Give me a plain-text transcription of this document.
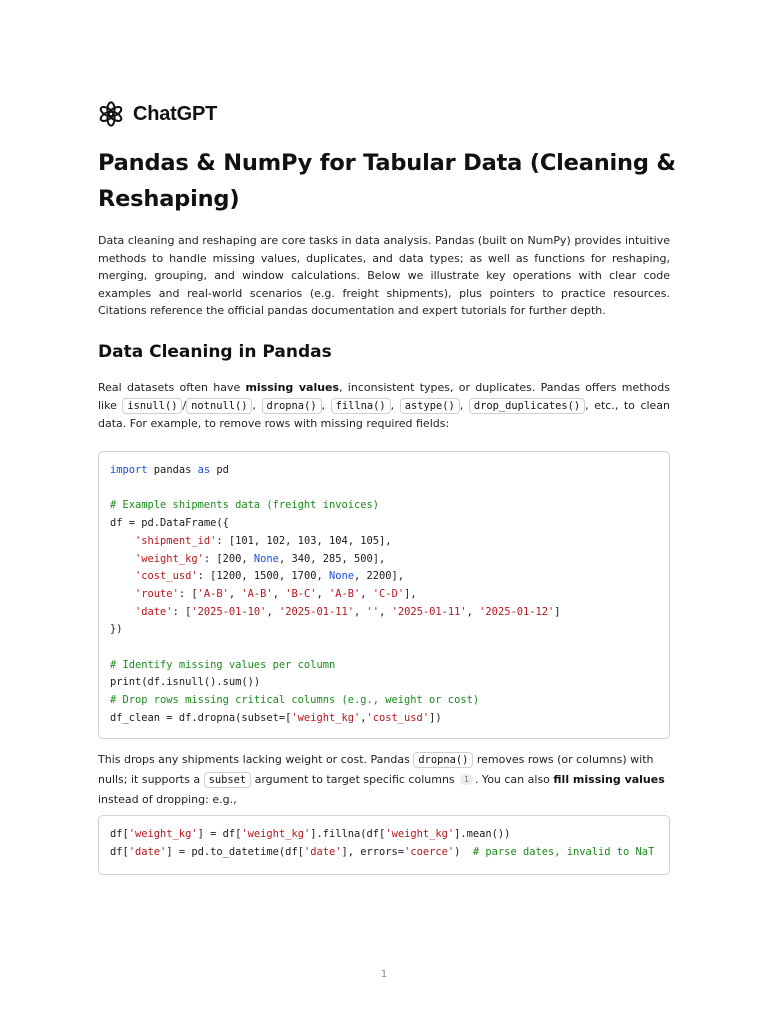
ChatGPT
Pandas & NumPy for Tabular Data (Cleaning & Reshaping)

Data cleaning and reshaping are core tasks in data analysis. Pandas (built on NumPy) provides intuitive methods to handle missing values, duplicates, and data types; as well as functions for reshaping, merging, grouping, and window calculations. Below we illustrate key operations with clear code examples and real-world scenarios (e.g. freight shipments), plus pointers to practice resources. Citations reference the official pandas documentation and expert tutorials for further depth.

Data Cleaning in Pandas

Real datasets often have missing values, inconsistent types, or duplicates. Pandas offers methods like isnull() / notnull() , dropna() , fillna() , astype() , drop_duplicates() , etc., to clean data. For example, to remove rows with missing required fields:

import pandas as pd

# Example shipments data (freight invoices)
df = pd.DataFrame({
'shipment_id': [101, 102, 103, 104, 105],
'weight_kg': [200, None, 340, 285, 500],
'cost_usd': [1200, 1500, 1700, None, 2200],
'route': ['A-B', 'A-B', 'B-C', 'A-B', 'C-D'],
'date': ['2025-01-10', '2025-01-11', '', '2025-01-11', '2025-01-12']
})

# Identify missing values per column
print(df.isnull().sum())
# Drop rows missing critical columns (e.g., weight or cost)
df_clean = df.dropna(subset=['weight_kg','cost_usd'])

This drops any shipments lacking weight or cost. Pandas dropna() removes rows (or columns) with nulls; it supports a subset argument to target specific columns 1 . You can also fill missing values instead of dropping: e.g.,

df['weight_kg'] = df['weight_kg'].fillna(df['weight_kg'].mean())
df['date'] = pd.to_datetime(df['date'], errors='coerce')  # parse dates, invalid to NaT
1
